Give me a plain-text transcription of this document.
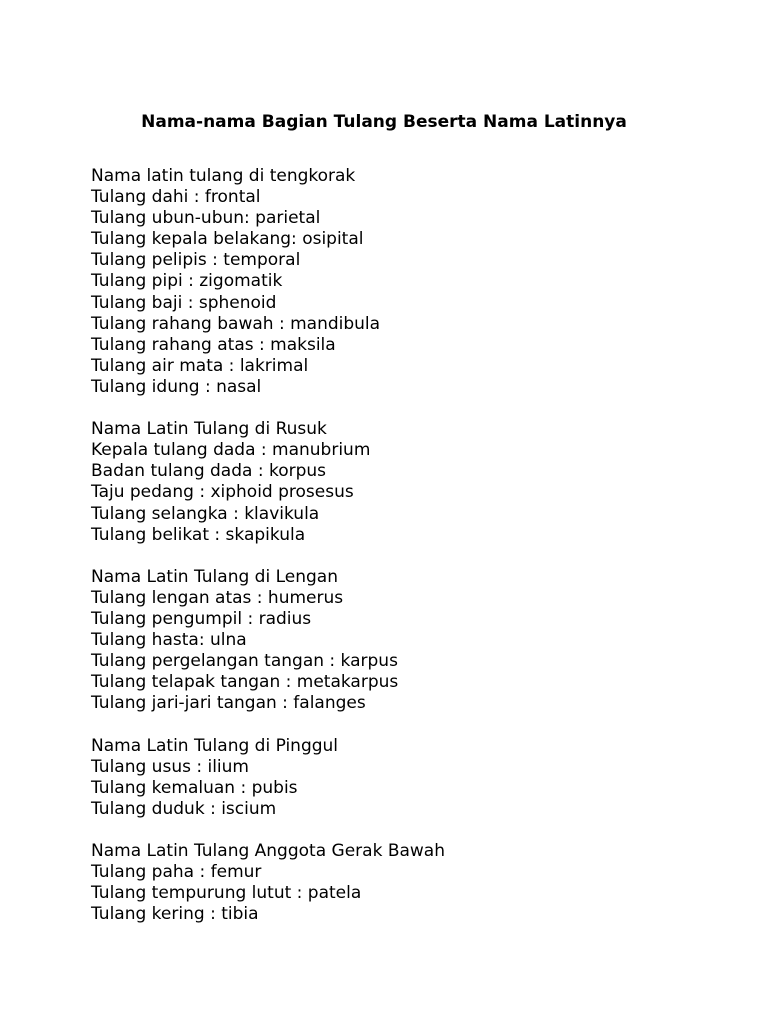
Nama-nama Bagian Tulang Beserta Nama Latinnya
Nama latin tulang di tengkorak
Tulang dahi : frontal
Tulang ubun-ubun: parietal
Tulang kepala belakang: osipital
Tulang pelipis : temporal
Tulang pipi : zigomatik
Tulang baji : sphenoid
Tulang rahang bawah : mandibula
Tulang rahang atas : maksila
Tulang air mata : lakrimal
Tulang idung : nasal
Nama Latin Tulang di Rusuk
Kepala tulang dada : manubrium
Badan tulang dada : korpus
Taju pedang : xiphoid prosesus
Tulang selangka : klavikula
Tulang belikat : skapikula
Nama Latin Tulang di Lengan
Tulang lengan atas : humerus
Tulang pengumpil : radius
Tulang hasta: ulna
Tulang pergelangan tangan : karpus
Tulang telapak tangan : metakarpus
Tulang jari-jari tangan : falanges
Nama Latin Tulang di Pinggul
Tulang usus : ilium
Tulang kemaluan : pubis
Tulang duduk : iscium
Nama Latin Tulang Anggota Gerak Bawah
Tulang paha : femur
Tulang tempurung lutut : patela
Tulang kering : tibia
